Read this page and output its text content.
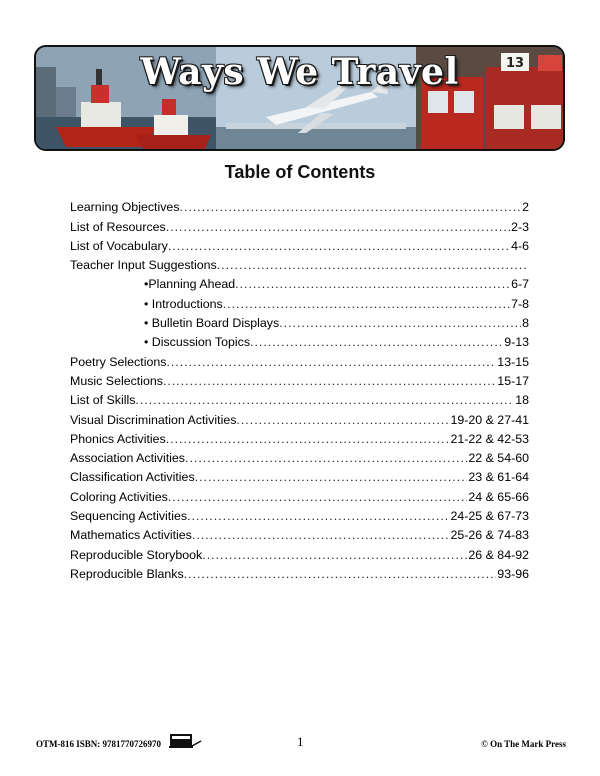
13
Ways We Travel
Table of Contents
Learning Objectives .....	2
List of Resources .....	2-3
List of Vocabulary .....	4-6
Teacher Input Suggestions
.....
•Planning Ahead .....	6-7
• Introductions .....	7-8
• Bulletin Board Displays .....	8
• Discussion Topics .....	9-13
Poetry Selections .....	13-15
Music Selections .....	15-17
List of Skills .....	18
Visual Discrimination Activities .....	19-20 & 27-41
Phonics Activities .....	21-22 & 42-53
Association Activities .....	22 & 54-60
Classification Activities .....	23 & 61-64
Coloring Activities .....	24 & 65-66
Sequencing Activities .....	24-25 & 67-73
Mathematics Activities .....	25-26 & 74-83
Reproducible Storybook .....	26 & 84-92
Reproducible Blanks .....	93-96
OTM-816 ISBN: 9781770726970	1	© On The Mark Press
